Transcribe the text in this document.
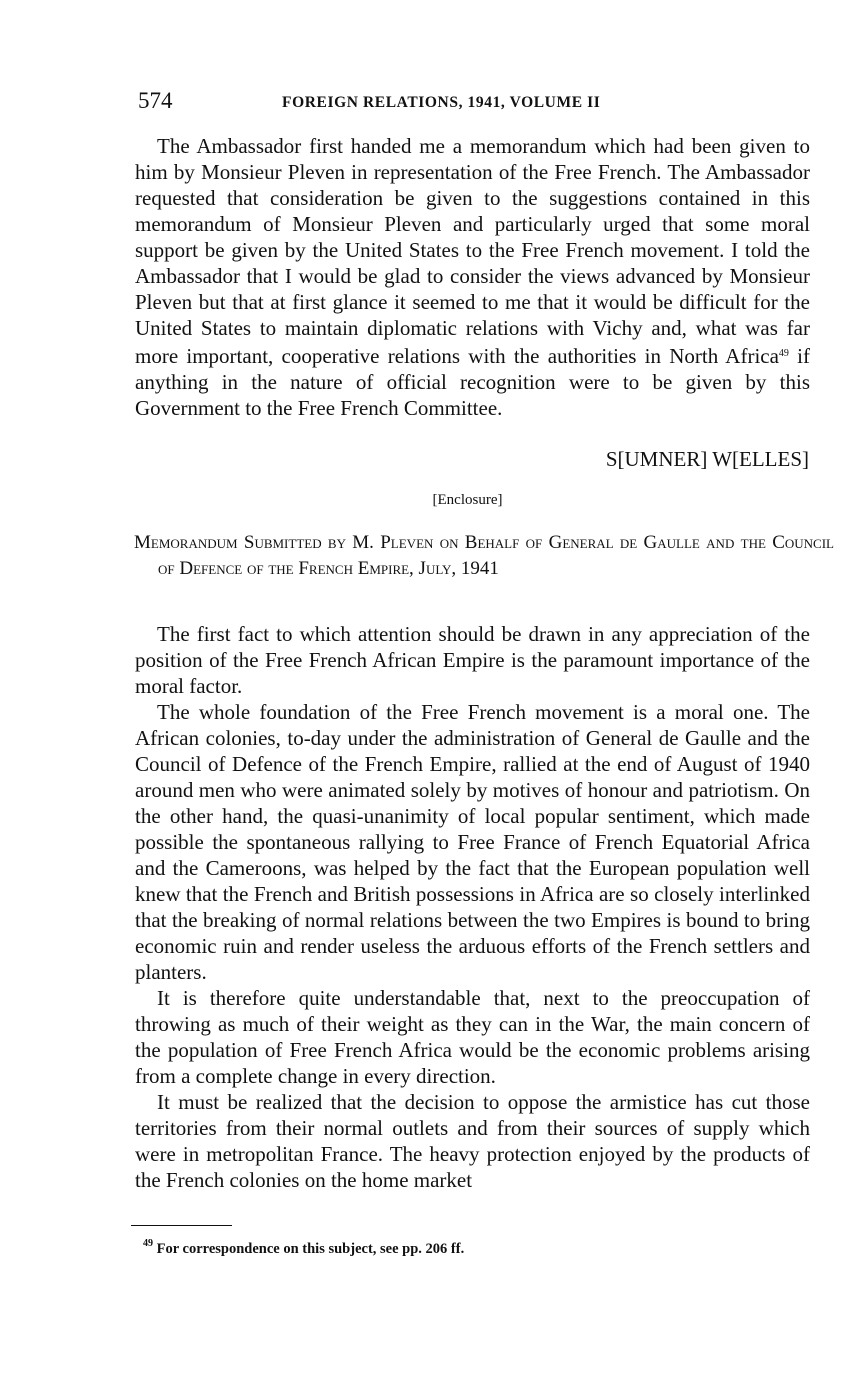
574	FOREIGN RELATIONS, 1941, VOLUME II

The Ambassador first handed me a memorandum which had been given to him by Monsieur Pleven in representation of the Free French. The Ambassador requested that consideration be given to the suggestions contained in this memorandum of Monsieur Pleven and particularly urged that some moral support be given by the United States to the Free French movement. I told the Ambassador that I would be glad to consider the views advanced by Monsieur Pleven but that at first glance it seemed to me that it would be difficult for the United States to maintain diplomatic relations with Vichy and, what was far more important, cooperative relations with the authorities in North Africa$^{49}$ if anything in the nature of official recognition were to be given by this Government to the Free French Committee.

S[UMNER] W[ELLES]
[Enclosure]
Memorandum Submitted by M. Pleven on Behalf of General de Gaulle and the Council of Defence of the French Empire, July, 1941

The first fact to which attention should be drawn in any appreciation of the position of the Free French African Empire is the paramount importance of the moral factor.

The whole foundation of the Free French movement is a moral one. The African colonies, to-day under the administration of General de Gaulle and the Council of Defence of the French Empire, rallied at the end of August of 1940 around men who were animated solely by motives of honour and patriotism. On the other hand, the quasi-unanimity of local popular sentiment, which made possible the spontaneous rallying to Free France of French Equatorial Africa and the Cameroons, was helped by the fact that the European population well knew that the French and British possessions in Africa are so closely interlinked that the breaking of normal relations between the two Empires is bound to bring economic ruin and render useless the arduous efforts of the French settlers and planters.

It is therefore quite understandable that, next to the preoccupation of throwing as much of their weight as they can in the War, the main concern of the population of Free French Africa would be the economic problems arising from a complete change in every direction.

It must be realized that the decision to oppose the armistice has cut those territories from their normal outlets and from their sources of supply which were in metropolitan France. The heavy protection enjoyed by the products of the French colonies on the home market

$^{49}$ For correspondence on this subject, see pp. 206 ff.
